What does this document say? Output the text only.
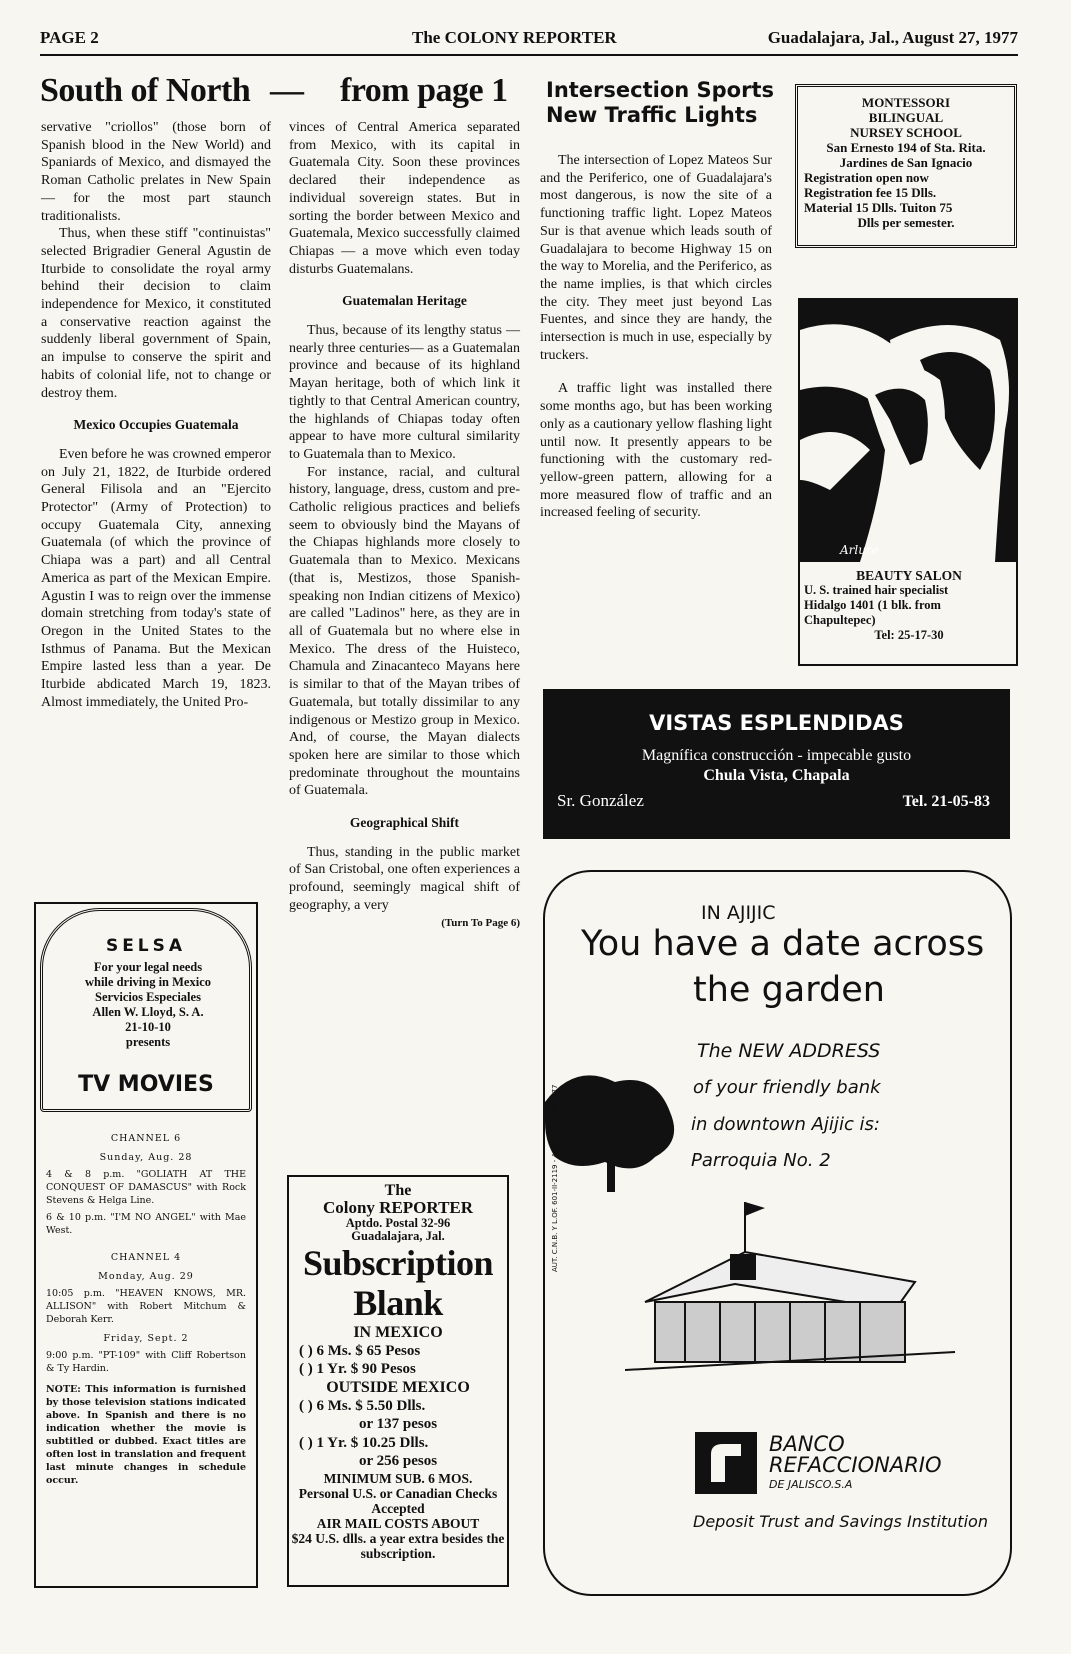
PAGE 2	The COLONY REPORTER	Guadalajara, Jal., August 27, 1977
South of North — from page 1

servative "criollos" (those born of Spanish blood in the New World) and Spaniards of Mexico, and dismayed the Roman Catholic prelates in New Spain — for the most part staunch traditionalists.

Thus, when these stiff "continuistas" selected Brigradier General Agustin de Iturbide to consolidate the royal army behind their decision to claim independence for Mexico, it constituted a conservative reaction against the suddenly liberal government of Spain, an impulse to conserve the spirit and habits of colonial life, not to change or destroy them.

Mexico Occupies Guatemala

Even before he was crowned emperor on July 21, 1822, de Iturbide ordered General Filisola and an "Ejercito Protector" (Army of Protection) to occupy Guatemala City, annexing Guatemala (of which the province of Chiapa was a part) and all Central America as part of the Mexican Empire. Agustin I was to reign over the immense domain stretching from today's state of Oregon in the United States to the Isthmus of Panama. But the Mexican Empire lasted less than a year. De Iturbide abdicated March 19, 1823. Almost immediately, the United Pro-

vinces of Central America separated from Mexico, with its capital in Guatemala City. Soon these provinces declared their independence as individual sovereign states. But in sorting the border between Mexico and Guatemala, Mexico successfully claimed Chiapas — a move which even today disturbs Guatemalans.

Guatemalan Heritage

Thus, because of its lengthy status —nearly three centuries— as a Guatemalan province and because of its highland Mayan heritage, both of which link it tightly to that Central American country, the highlands of Chiapas today often appear to have more cultural similarity to Guatemala than to Mexico.

For instance, racial, and cultural history, language, dress, custom and pre-Catholic religious practices and beliefs seem to obviously bind the Mayans of the Chiapas highlands more closely to Guatemala than to Mexico. Mexicans (that is, Mestizos, those Spanish-speaking non Indian citizens of Mexico) are called "Ladinos" here, as they are in all of Guatemala but no where else in Mexico. The dress of the Huisteco, Chamula and Zinacanteco Mayans here is similar to that of the Mayan tribes of Guatemala, but totally dissimilar to any indigenous or Mestizo group in Mexico. And, of course, the Mayan dialects spoken here are similar to those which predominate throughout the mountains of Guatemala.

Geographical Shift

Thus, standing in the public market of San Cristobal, one often experiences a profound, seemingly magical shift of geography, a very

(Turn To Page 6)
Intersection Sports New Traffic Lights

The intersection of Lopez Mateos Sur and the Periferico, one of Guadalajara's most dangerous, is now the site of a functioning traffic light. Lopez Mateos Sur is that avenue which leads south of Guadalajara to become Highway 15 on the way to Morelia, and the Periferico, as the name implies, is that which circles the city. They meet just beyond Las Fuentes, and since they are handy, the intersection is much in use, especially by truckers.

A traffic light was installed there some months ago, but has been working only as a cautionary yellow flashing light until now. It presently appears to be functioning with the customary red-yellow-green pattern, allowing for a more measured flow of traffic and an increased feeling of security.

MONTESSORI
BILINGUAL
NURSEY SCHOOL
San Ernesto 194 of Sta. Rita.
Jardines de San Ignacio
Registration open now
Registration fee 15 Dlls.
Material 15 Dlls. Tuiton 75
Dlls per semester.
Arlure
BEAUTY SALON
U. S. trained hair specialist
Hidalgo 1401 (1 blk. from Chapultepec)
Tel: 25-17-30
VISTAS ESPLENDIDAS
Magnífica construcción - impecable gusto
Chula Vista, Chapala
Sr. González	Tel. 21-05-83
IN AJIJIC
You have a date across
the garden
The NEW ADDRESS
of your friendly bank
in downtown Ajijic is:
Parroquia No. 2
AUT. C.N.B. Y L.OF. 601-II-2119 - AGOSTO 19 DE 1977
BANCO
REFACCIONARIO
DE JALISCO.S.A
Deposit Trust and Savings Institution
SELSA
For your legal needs
while driving in Mexico
Servicios Especiales
Allen W. Lloyd, S. A.
21-10-10
presents
TV MOVIES
CHANNEL 6
Sunday, Aug. 28
4 & 8 p.m. "GOLIATH AT THE CONQUEST OF DAMASCUS" with Rock Stevens & Helga Line.
6 & 10 p.m. "I'M NO ANGEL" with Mae West.
CHANNEL 4
Monday, Aug. 29
10:05 p.m. "HEAVEN KNOWS, MR. ALLISON" with Robert Mitchum & Deborah Kerr.
Friday, Sept. 2
9:00 p.m. "PT-109" with Cliff Robertson & Ty Hardin.
NOTE: This information is furnished by those television stations indicated above. In Spanish and there is no indication whether the movie is subtitled or dubbed. Exact titles are often lost in translation and frequent last minute changes in schedule occur.
The
Colony REPORTER
Aptdo. Postal 32-96
Guadalajara, Jal.
Subscription
Blank
IN MEXICO
( ) 6 Ms. $ 65 Pesos
( ) 1 Yr. $ 90 Pesos
OUTSIDE MEXICO
( ) 6 Ms. $ 5.50 Dlls.
or 137 pesos
( ) 1 Yr. $ 10.25 Dlls.
or 256 pesos
MINIMUM SUB. 6 MOS.
Personal U.S. or Canadian Checks Accepted
AIR MAIL COSTS ABOUT
$24 U.S. dlls. a year extra besides the subscription.
